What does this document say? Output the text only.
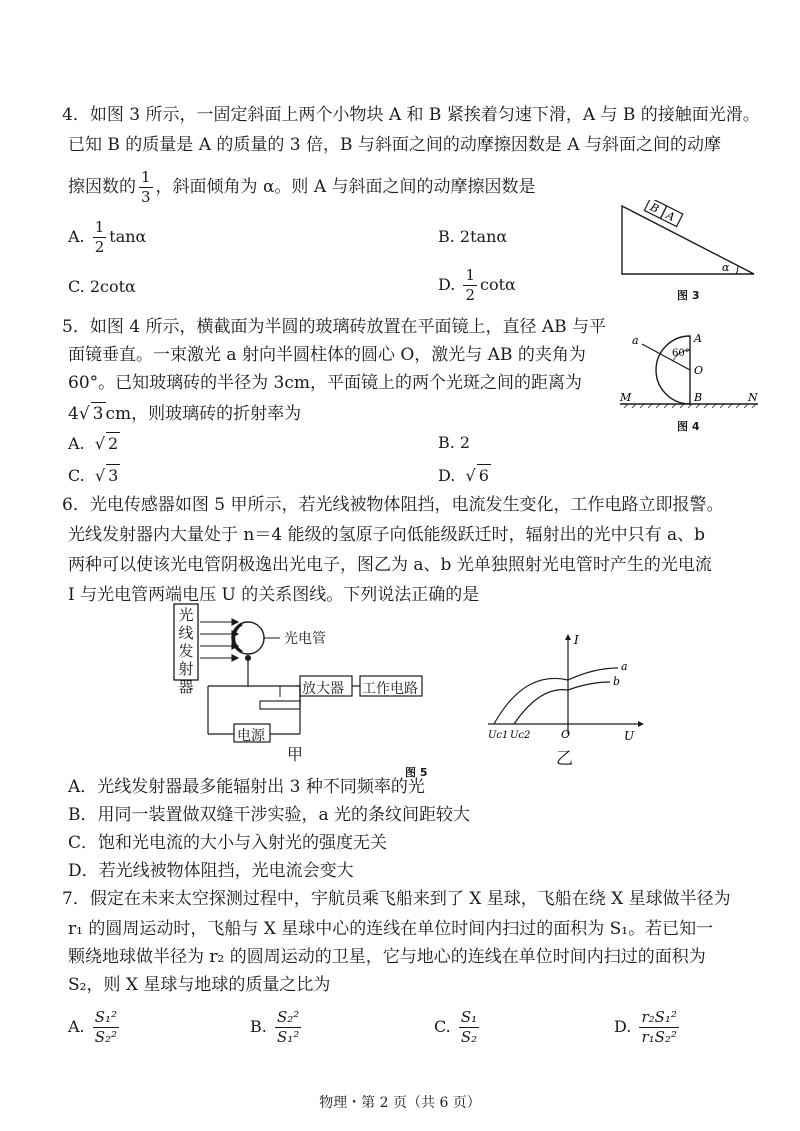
4．如图 3 所示，一固定斜面上两个小物块 A 和 B 紧挨着匀速下滑，A 与 B 的接触面光滑。
已知 B 的质量是 A 的质量的 3 倍，B 与斜面之间的动摩擦因数是 A 与斜面之间的动摩
擦因数的 $\frac{1}{3}$ ，斜面倾角为 α。则 A 与斜面之间的动摩擦因数是
A. $\frac{1}{2}$ tanα	B. 2tanα
C. 2cotα	D. $\frac{1}{2}$ cotα
B
A
α
图 3
5．如图 4 所示，横截面为半圆的玻璃砖放置在平面镜上，直径 AB 与平
面镜垂直。一束激光 a 射向半圆柱体的圆心 O，激光与 AB 的夹角为
60°。已知玻璃砖的半径为 3cm，平面镜上的两个光斑之间的距离为
4√ 3 cm，则玻璃砖的折射率为
A.  √ 2	B. 2
C.  √ 3	D.  √ 6
60°
a	A
O
B
M	N
图 4
6．光电传感器如图 5 甲所示，若光线被物体阻挡，电流发生变化，工作电路立即报警。
光线发射器内大量处于 n＝4 能级的氢原子向低能级跃迁时，辐射出的光中只有 a、b
两种可以使该光电管阴极逸出光电子，图乙为 a、b 光单独照射光电管时产生的光电流
I 与光电管两端电压 U 的关系图线。下列说法正确的是
光线发射器
光电管
放大器 工作电路
电源
甲
图 5
I
U
O
a
b
Uc1 Uc2
乙
A．光线发射器最多能辐射出 3 种不同频率的光
B．用同一装置做双缝干涉实验，a 光的条纹间距较大
C．饱和光电流的大小与入射光的强度无关
D．若光线被物体阻挡，光电流会变大
7．假定在未来太空探测过程中，宇航员乘飞船来到了 X 星球，飞船在绕 X 星球做半径为
r₁ 的圆周运动时，飞船与 X 星球中心的连线在单位时间内扫过的面积为 S₁。若已知一
颗绕地球做半径为 r₂ 的圆周运动的卫星，它与地心的连线在单位时间内扫过的面积为
S₂，则 X 星球与地球的质量之比为
A. $\frac{\text{S₁²}}{\text{S₂²}}$	B. $\frac{\text{S₂²}}{\text{S₁²}}$	C. $\frac{\text{S₁}}{\text{S₂}}$	D. $\frac{\text{r₂S₁²}}{\text{r₁S₂²}}$
物理・第 2 页（共 6 页）
